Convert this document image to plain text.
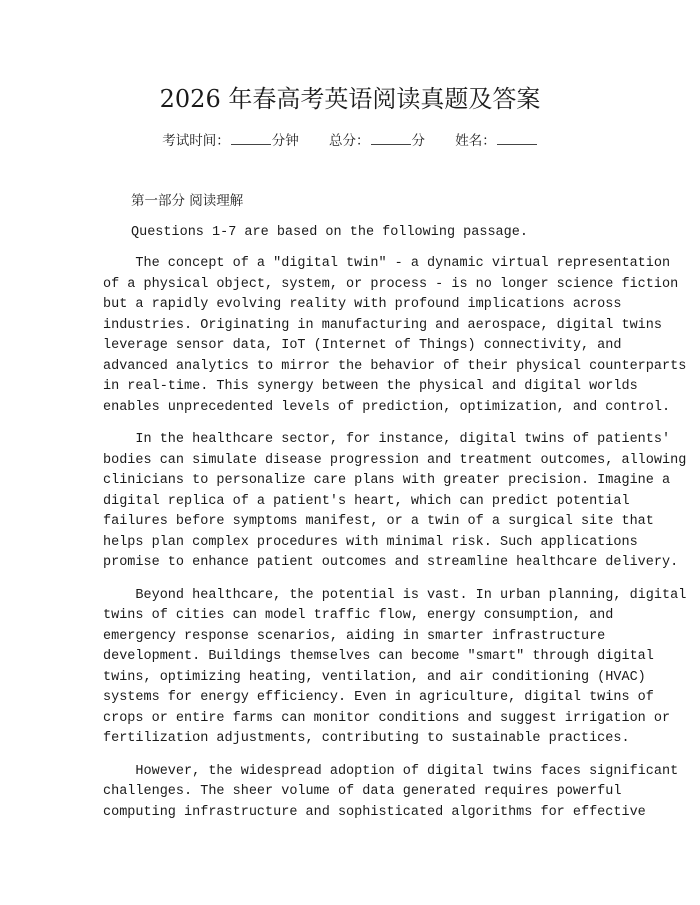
2026 年春高考英语阅读真题及答案
考试时间：	分钟 总分：	分 姓名：
第一部分 阅读理解
Questions 1-7 are based on the following passage.
The concept of a "digital twin" - a dynamic virtual representation
of a physical object, system, or process - is no longer science fiction
but a rapidly evolving reality with profound implications across
industries. Originating in manufacturing and aerospace, digital twins
leverage sensor data, IoT (Internet of Things) connectivity, and
advanced analytics to mirror the behavior of their physical counterparts
in real-time. This synergy between the physical and digital worlds
enables unprecedented levels of prediction, optimization, and control.
In the healthcare sector, for instance, digital twins of patients'
bodies can simulate disease progression and treatment outcomes, allowing
clinicians to personalize care plans with greater precision. Imagine a
digital replica of a patient's heart, which can predict potential
failures before symptoms manifest, or a twin of a surgical site that
helps plan complex procedures with minimal risk. Such applications
promise to enhance patient outcomes and streamline healthcare delivery.
Beyond healthcare, the potential is vast. In urban planning, digital
twins of cities can model traffic flow, energy consumption, and
emergency response scenarios, aiding in smarter infrastructure
development. Buildings themselves can become "smart" through digital
twins, optimizing heating, ventilation, and air conditioning (HVAC)
systems for energy efficiency. Even in agriculture, digital twins of
crops or entire farms can monitor conditions and suggest irrigation or
fertilization adjustments, contributing to sustainable practices.
However, the widespread adoption of digital twins faces significant
challenges. The sheer volume of data generated requires powerful
computing infrastructure and sophisticated algorithms for effective
